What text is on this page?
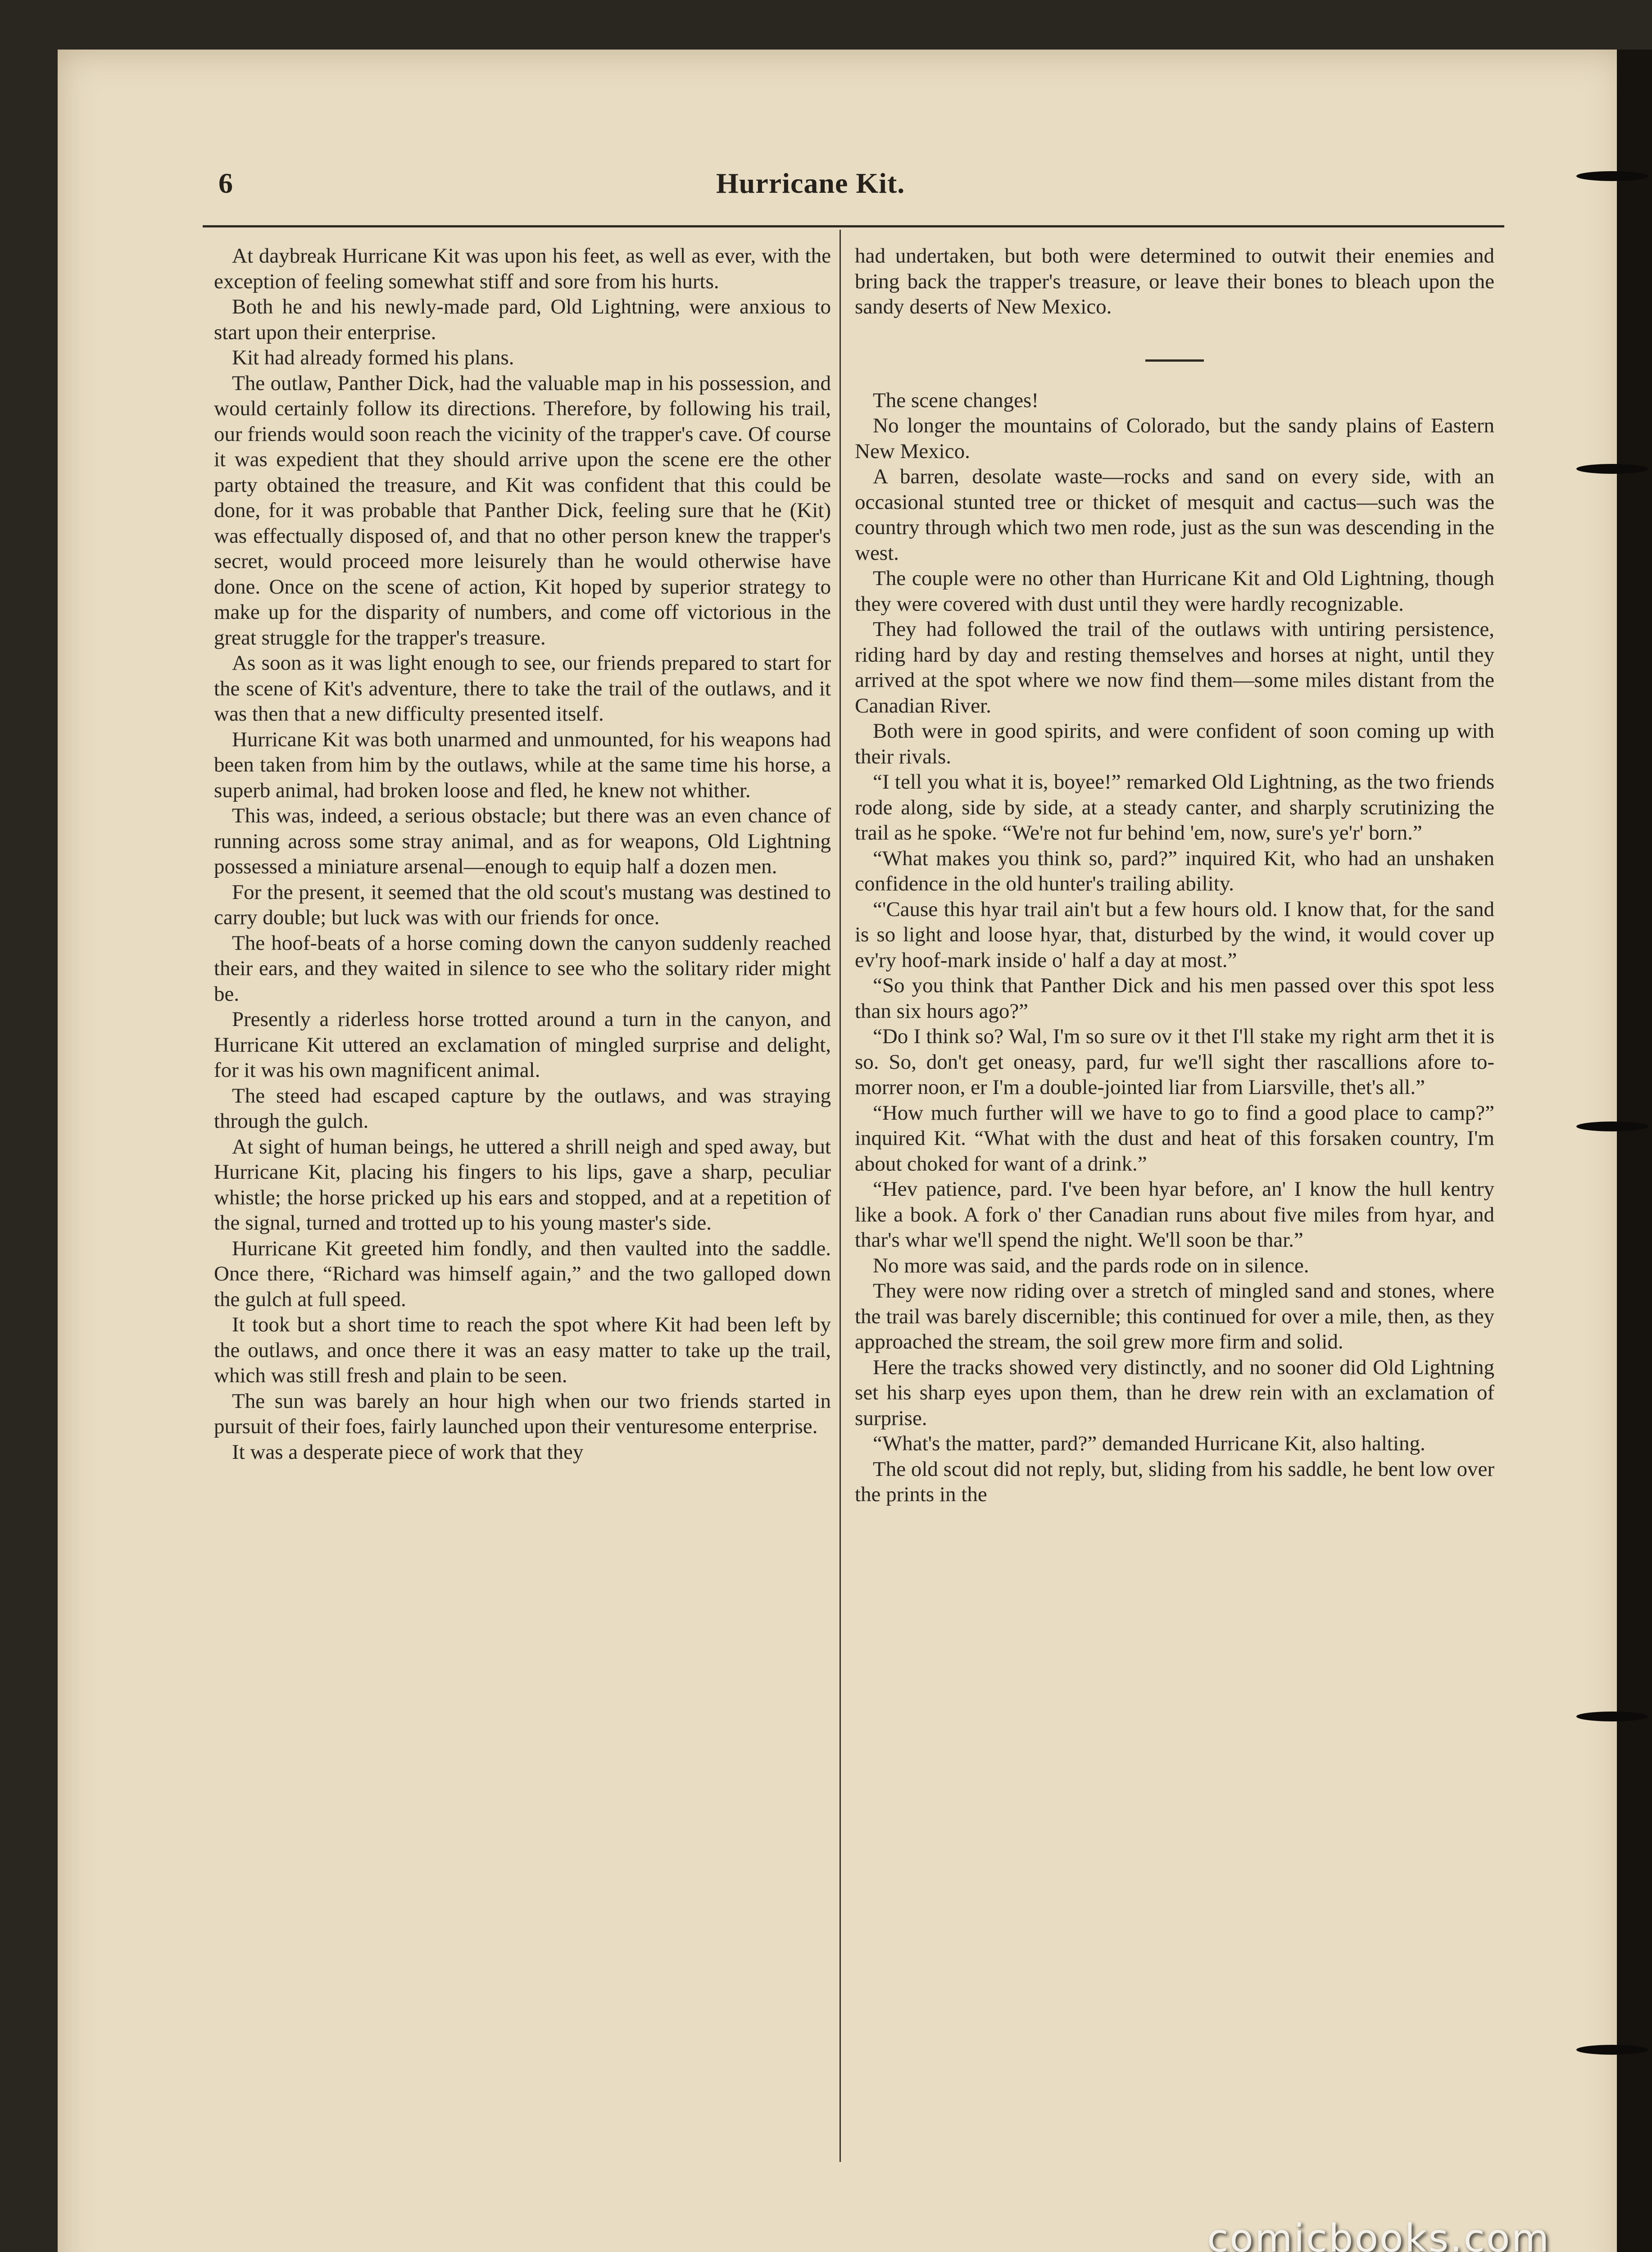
6	Hurricane Kit.

At daybreak Hurricane Kit was upon his feet, as well as ever, with the exception of feeling somewhat stiff and sore from his hurts.

Both he and his newly-made pard, Old Lightning, were anxious to start upon their enterprise.

Kit had already formed his plans.

The outlaw, Panther Dick, had the valuable map in his possession, and would certainly follow its directions. Therefore, by following his trail, our friends would soon reach the vicinity of the trapper's cave. Of course it was expedient that they should arrive upon the scene ere the other party obtained the treasure, and Kit was confident that this could be done, for it was probable that Panther Dick, feeling sure that he (Kit) was effectually disposed of, and that no other person knew the trapper's secret, would proceed more leisurely than he would otherwise have done. Once on the scene of action, Kit hoped by superior strategy to make up for the disparity of numbers, and come off victorious in the great struggle for the trapper's treasure.

As soon as it was light enough to see, our friends prepared to start for the scene of Kit's adventure, there to take the trail of the outlaws, and it was then that a new difficulty presented itself.

Hurricane Kit was both unarmed and unmounted, for his weapons had been taken from him by the outlaws, while at the same time his horse, a superb animal, had broken loose and fled, he knew not whither.

This was, indeed, a serious obstacle; but there was an even chance of running across some stray animal, and as for weapons, Old Lightning possessed a miniature arsenal—enough to equip half a dozen men.

For the present, it seemed that the old scout's mustang was destined to carry double; but luck was with our friends for once.

The hoof-beats of a horse coming down the canyon suddenly reached their ears, and they waited in silence to see who the solitary rider might be.

Presently a riderless horse trotted around a turn in the canyon, and Hurricane Kit uttered an exclamation of mingled surprise and delight, for it was his own magnificent animal.

The steed had escaped capture by the outlaws, and was straying through the gulch.

At sight of human beings, he uttered a shrill neigh and sped away, but Hurricane Kit, placing his fingers to his lips, gave a sharp, peculiar whistle; the horse pricked up his ears and stopped, and at a repetition of the signal, turned and trotted up to his young master's side.

Hurricane Kit greeted him fondly, and then vaulted into the saddle. Once there, “Richard was himself again,” and the two galloped down the gulch at full speed.

It took but a short time to reach the spot where Kit had been left by the outlaws, and once there it was an easy matter to take up the trail, which was still fresh and plain to be seen.

The sun was barely an hour high when our two friends started in pursuit of their foes, fairly launched upon their venturesome enterprise.

It was a desperate piece of work that they

had undertaken, but both were determined to outwit their enemies and bring back the trapper's treasure, or leave their bones to bleach upon the sandy deserts of New Mexico.

The scene changes!

No longer the mountains of Colorado, but the sandy plains of Eastern New Mexico.

A barren, desolate waste—rocks and sand on every side, with an occasional stunted tree or thicket of mesquit and cactus—such was the country through which two men rode, just as the sun was descending in the west.

The couple were no other than Hurricane Kit and Old Lightning, though they were covered with dust until they were hardly recognizable.

They had followed the trail of the outlaws with untiring persistence, riding hard by day and resting themselves and horses at night, until they arrived at the spot where we now find them—some miles distant from the Canadian River.

Both were in good spirits, and were confident of soon coming up with their rivals.

“I tell you what it is, boyee!” remarked Old Lightning, as the two friends rode along, side by side, at a steady canter, and sharply scrutinizing the trail as he spoke. “We're not fur behind 'em, now, sure's ye'r' born.”

“What makes you think so, pard?” inquired Kit, who had an unshaken confidence in the old hunter's trailing ability.

“'Cause this hyar trail ain't but a few hours old. I know that, for the sand is so light and loose hyar, that, disturbed by the wind, it would cover up ev'ry hoof-mark inside o' half a day at most.”

“So you think that Panther Dick and his men passed over this spot less than six hours ago?”

“Do I think so? Wal, I'm so sure ov it thet I'll stake my right arm thet it is so. So, don't get oneasy, pard, fur we'll sight ther rascallions afore to-morrer noon, er I'm a double-jointed liar from Liarsville, thet's all.”

“How much further will we have to go to find a good place to camp?” inquired Kit. “What with the dust and heat of this forsaken country, I'm about choked for want of a drink.”

“Hev patience, pard. I've been hyar before, an' I know the hull kentry like a book. A fork o' ther Canadian runs about five miles from hyar, and thar's whar we'll spend the night. We'll soon be thar.”

No more was said, and the pards rode on in silence.

They were now riding over a stretch of mingled sand and stones, where the trail was barely discernible; this continued for over a mile, then, as they approached the stream, the soil grew more firm and solid.

Here the tracks showed very distinctly, and no sooner did Old Lightning set his sharp eyes upon them, than he drew rein with an exclamation of surprise.

“What's the matter, pard?” demanded Hurricane Kit, also halting.

The old scout did not reply, but, sliding from his saddle, he bent low over the prints in the

comicbooks.com
